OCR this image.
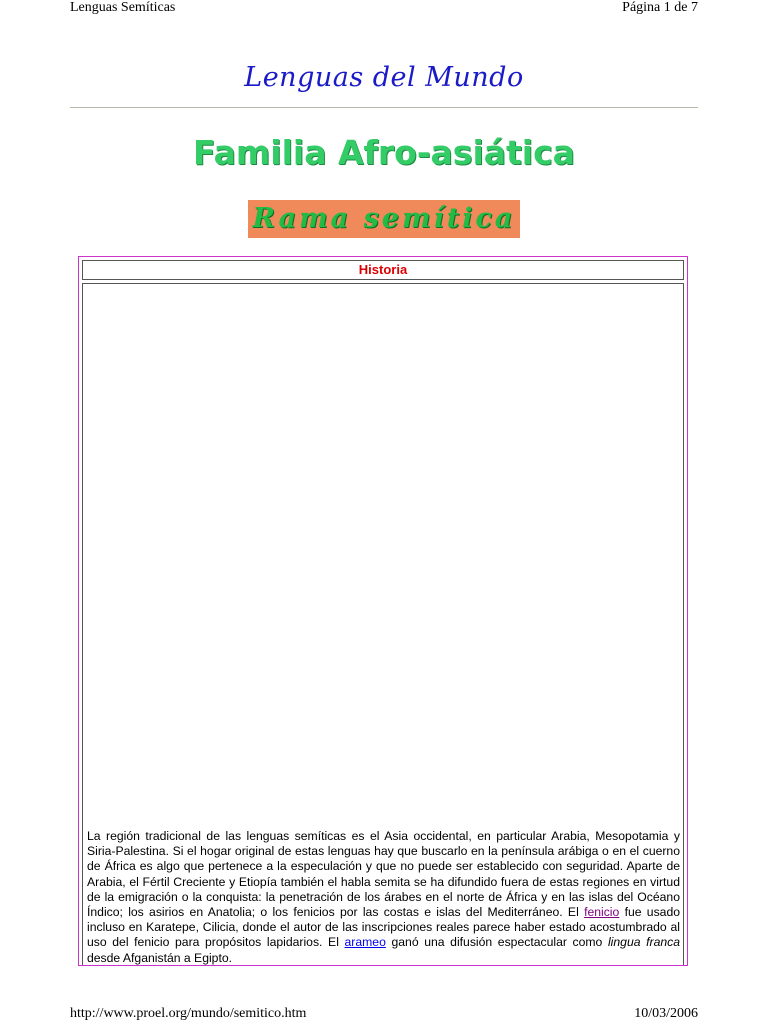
Lenguas Semíticas	Página 1 de 7
Lenguas del Mundo
Familia Afro-asiática
Rama semítica
Historia
La región tradicional de las lenguas semíticas es el Asia occidental, en particular Arabia, Mesopotamia y Siria-Palestina. Si el hogar original de estas lenguas hay que buscarlo en la península arábiga o en el cuerno de África es algo que pertenece a la especulación y que no puede ser establecido con seguridad. Aparte de Arabia, el Fértil Creciente y Etiopía también el habla semita se ha difundido fuera de estas regiones en virtud de la emigración o la conquista: la penetración de los árabes en el norte de África y en las islas del Océano Índico; los asirios en Anatolia; o los fenicios por las costas e islas del Mediterráneo. El fenicio fue usado incluso en Karatepe, Cilicia, donde el autor de las inscripciones reales parece haber estado acostumbrado al uso del fenicio para propósitos lapidarios. El arameo ganó una difusión espectacular como lingua franca desde Afganistán a Egipto.
http://www.proel.org/mundo/semitico.htm	10/03/2006
